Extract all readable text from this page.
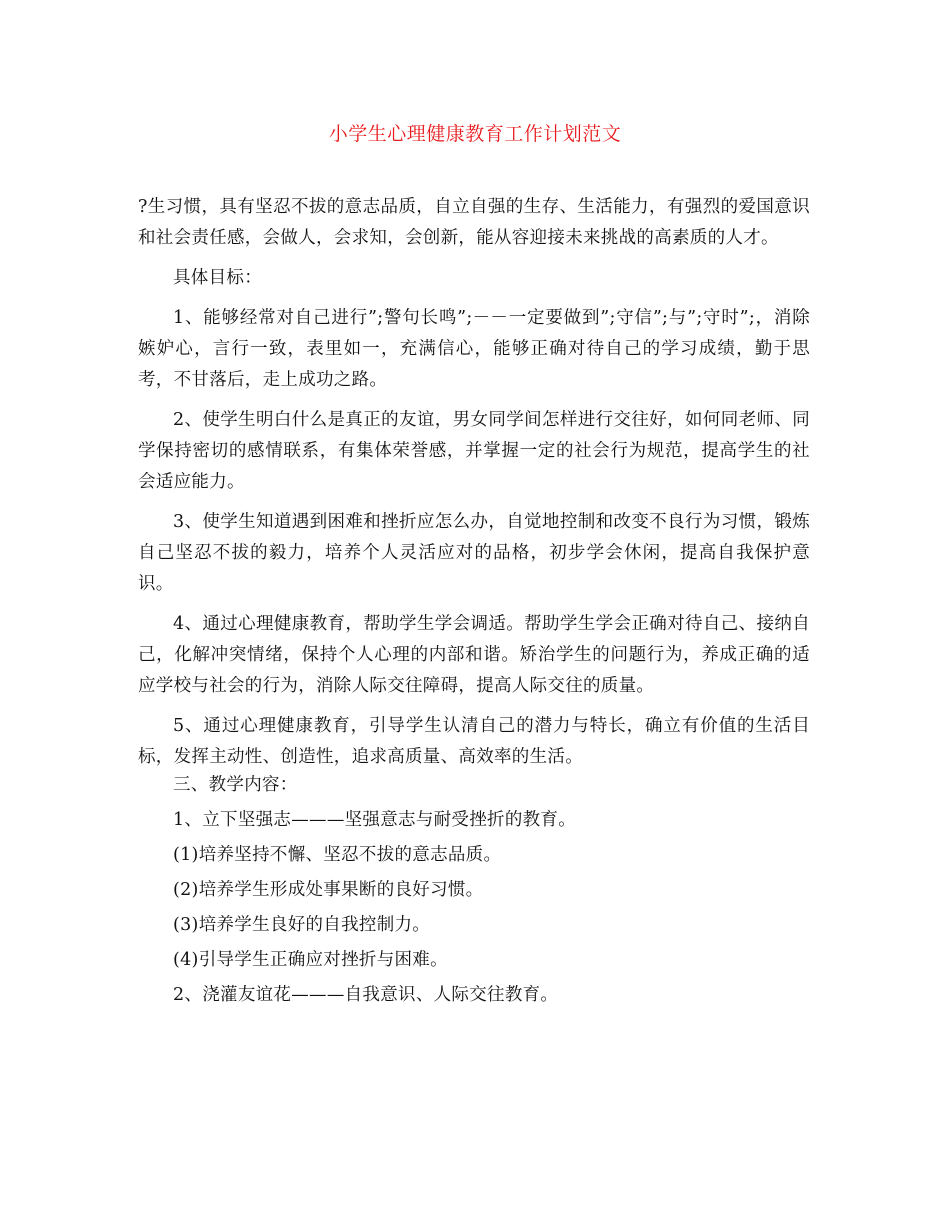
小学生心理健康教育工作计划范文

?生习惯，具有坚忍不拔的意志品质，自立自强的生存、生活能力，有强烈的爱国意识和社会责任感，会做人，会求知，会创新，能从容迎接未来挑战的高素质的人才。

具体目标：

1、能够经常对自己进行”;警句长鸣”;－－一定要做到”;守信”;与”;守时”;，消除嫉妒心，言行一致，表里如一，充满信心，能够正确对待自己的学习成绩，勤于思考，不甘落后，走上成功之路。

2、使学生明白什么是真正的友谊，男女同学间怎样进行交往好，如何同老师、同学保持密切的感情联系，有集体荣誉感，并掌握一定的社会行为规范，提高学生的社会适应能力。

3、使学生知道遇到困难和挫折应怎么办，自觉地控制和改变不良行为习惯，锻炼自己坚忍不拔的毅力，培养个人灵活应对的品格，初步学会休闲，提高自我保护意识。

4、通过心理健康教育，帮助学生学会调适。帮助学生学会正确对待自己、接纳自己，化解冲突情绪，保持个人心理的内部和谐。矫治学生的问题行为，养成正确的适应学校与社会的行为，消除人际交往障碍，提高人际交往的质量。

5、通过心理健康教育，引导学生认清自己的潜力与特长，确立有价值的生活目标，发挥主动性、创造性，追求高质量、高效率的生活。

三、教学内容：

1、立下坚强志———坚强意志与耐受挫折的教育。

(1)培养坚持不懈、坚忍不拔的意志品质。

(2)培养学生形成处事果断的良好习惯。

(3)培养学生良好的自我控制力。

(4)引导学生正确应对挫折与困难。

2、浇灌友谊花———自我意识、人际交往教育。
